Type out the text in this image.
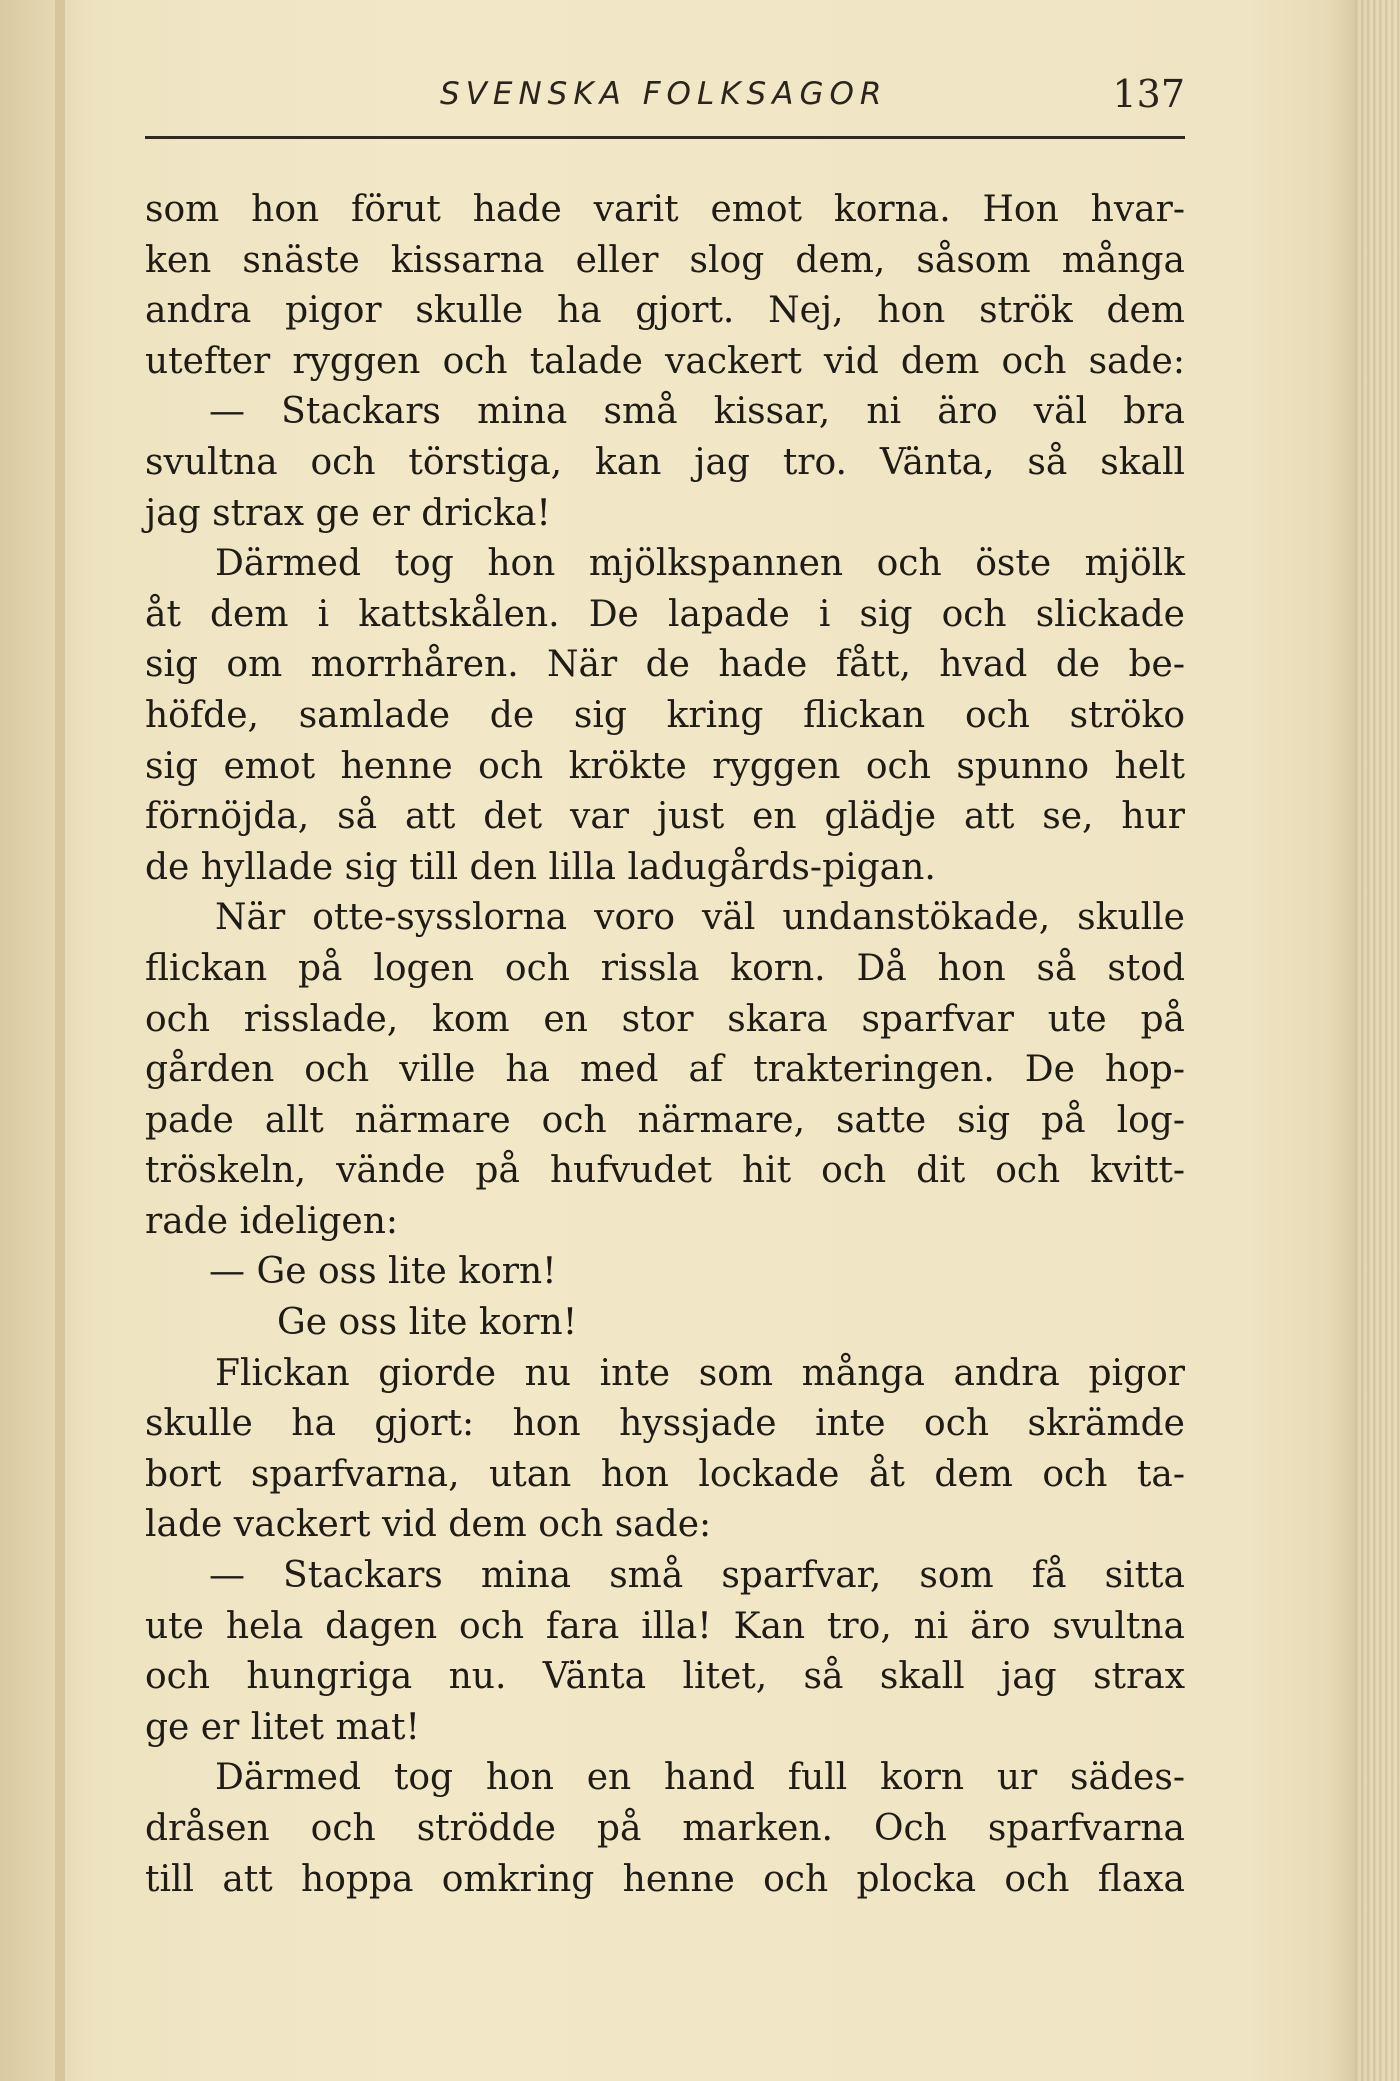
SVENSKA FOLKSAGOR	137
som hon förut hade varit emot korna. Hon hvar-
ken snäste kissarna eller slog dem, såsom många
andra pigor skulle ha gjort. Nej, hon strök dem
utefter ryggen och talade vackert vid dem och sade:
— Stackars mina små kissar, ni äro väl bra
svultna och törstiga, kan jag tro. Vänta, så skall
jag strax ge er dricka!
Därmed tog hon mjölkspannen och öste mjölk
åt dem i kattskålen. De lapade i sig och slickade
sig om morrhåren. När de hade fått, hvad de be-
höfde, samlade de sig kring flickan och ströko
sig emot henne och krökte ryggen och spunno helt
förnöjda, så att det var just en glädje att se, hur
de hyllade sig till den lilla ladugårds-pigan.
När otte-sysslorna voro väl undanstökade, skulle
flickan på logen och rissla korn. Då hon så stod
och risslade, kom en stor skara sparfvar ute på
gården och ville ha med af trakteringen. De hop-
pade allt närmare och närmare, satte sig på log-
tröskeln, vände på hufvudet hit och dit och kvitt-
rade ideligen:
— Ge oss lite korn!
Ge oss lite korn!
Flickan giorde nu inte som många andra pigor
skulle ha gjort: hon hyssjade inte och skrämde
bort sparfvarna, utan hon lockade åt dem och ta-
lade vackert vid dem och sade:
— Stackars mina små sparfvar, som få sitta
ute hela dagen och fara illa! Kan tro, ni äro svultna
och hungriga nu. Vänta litet, så skall jag strax
ge er litet mat!
Därmed tog hon en hand full korn ur sädes-
dråsen och strödde på marken. Och sparfvarna
till att hoppa omkring henne och plocka och flaxa
